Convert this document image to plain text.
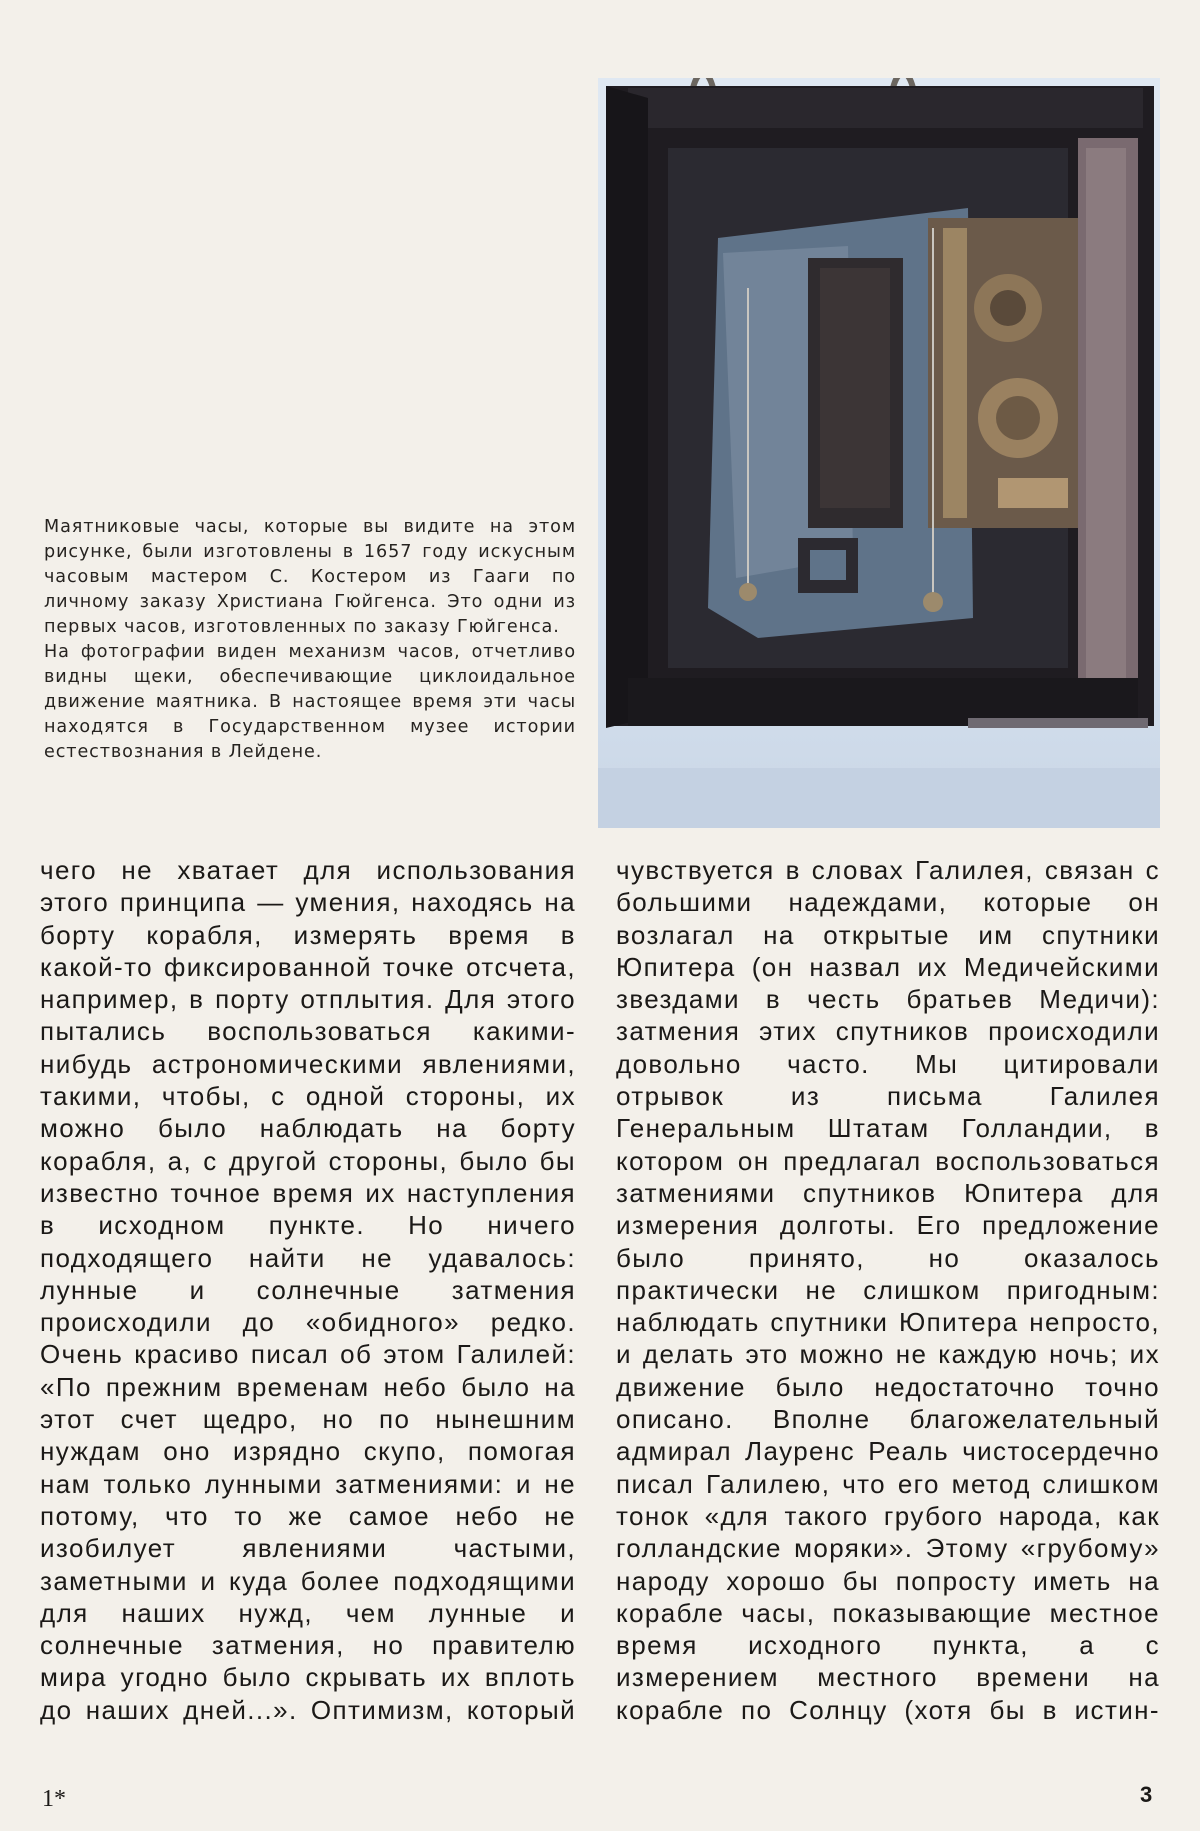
Маятниковые часы, которые вы видите на этом рисунке, были изготовлены в 1657 году искусным часовым мастером С. Костером из Гааги по личному заказу Христиана Гюйгенса. Это одни из первых часов, изготовленных по заказу Гюйгенса.

На фотографии виден механизм часов, отчетливо видны щеки, обеспечивающие циклоидальное движение маятника. В настоящее время эти часы находятся в Государственном музее истории естествознания в Лейдене.

чего не хватает для использования этого принципа — умения, находясь на борту корабля, измерять время в какой-то фиксированной точке отсчета, например, в порту отплытия. Для этого пытались воспользоваться какими-нибудь астрономическими явлениями, такими, чтобы, с одной стороны, их можно было наблюдать на борту корабля, а, с другой стороны, было бы известно точное время их наступления в исходном пункте. Но ничего подходящего найти не удавалось: лунные и солнечные затмения происходили до «обидного» редко. Очень красиво писал об этом Галилей: «По прежним временам небо было на этот счет щедро, но по нынешним нуждам оно изрядно скупо, помогая нам только лунными затмениями: и не потому, что то же самое небо не изобилует явлениями частыми, заметными и куда более подходящими для наших нужд, чем лунные и солнечные затмения, но правителю мира угодно было скрывать их вплоть до наших дней...». Оптимизм, который

чувствуется в словах Галилея, связан с большими надеждами, которые он возлагал на открытые им спутники Юпитера (он назвал их Медичейскими звездами в честь братьев Медичи): затмения этих спутников происходили довольно часто. Мы цитировали отрывок из письма Галилея Генеральным Штатам Голландии, в котором он предлагал воспользоваться затмениями спутников Юпитера для измерения долготы. Его предложение было принято, но оказалось практически не слишком пригодным: наблюдать спутники Юпитера непросто, и делать это можно не каждую ночь; их движение было недостаточно точно описано. Вполне благожелательный адмирал Лауренс Реаль чистосердечно писал Галилею, что его метод слишком тонок «для такого грубого народа, как голландские моряки». Этому «грубому» народу хорошо бы попросту иметь на корабле часы, показывающие местное время исходного пункта, а с измерением местного времени на корабле по Солнцу (хотя бы в истин-

1*	3
